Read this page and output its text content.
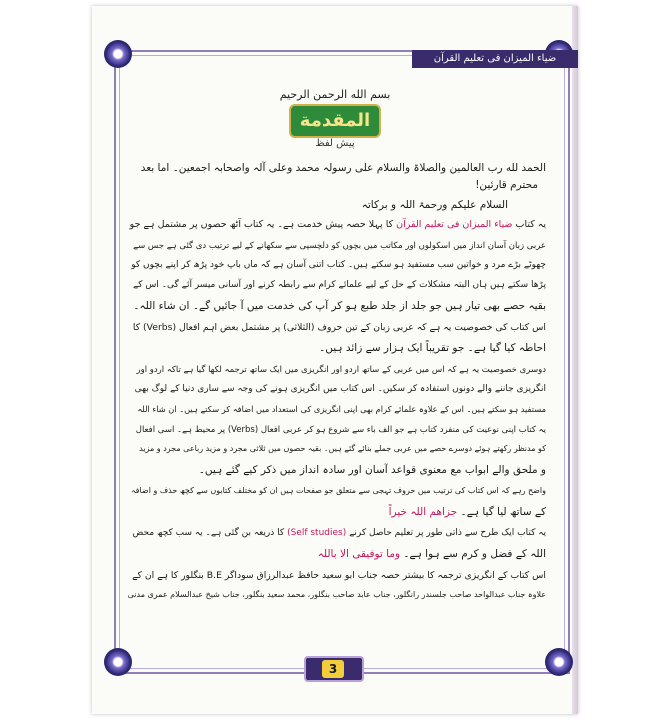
ضیاء المیزان فی تعلیم القرآن
بسم الله الرحمن الرحيم
المقدمة
پیش لفظ
الحمد لله رب العالمین والصلاۃ والسلام علی رسولہ محمد وعلی آلہ واصحابہ اجمعین۔ اما بعد
محترم قارئین!
السلام علیکم ورحمۃ اللہ و برکاتہ
یہ کتاب ضیاء المیزان فی تعلیم القرآن کا پہلا حصہ پیش خدمت ہے۔ یہ کتاب آٹھ حصوں پر مشتمل ہے جو
عربی زبان آسان انداز میں اسکولوں اور مکاتب میں بچوں کو دلچسپی سے سکھانے کے لیے ترتیب دی گئی ہے جس سے
چھوٹے بڑے مرد و خواتین سب مستفید ہو سکتے ہیں۔ کتاب اتنی آسان ہے کہ ماں باپ خود پڑھ کر اپنے بچوں کو
پڑھا سکتے ہیں ہاں البتہ مشکلات کے حل کے لیے علمائے کرام سے رابطہ کرنے اور آسانی میسر آئے گی۔ اس کے
بقیہ حصے بھی تیار ہیں جو جلد از جلد طبع ہو کر آپ کی خدمت میں آ جائیں گے۔ ان شاء اللہ۔
اس کتاب کی خصوصیت یہ ہے کہ عربی زبان کے تین حروف (الثلاثی) پر مشتمل بعض اہم افعال (Verbs) کا
احاطہ کیا گیا ہے۔ جو تقریباً ایک ہزار سے زائد ہیں۔
دوسری خصوصیت یہ ہے کہ اس میں عربی کے ساتھ اردو اور انگریزی میں ایک ساتھ ترجمہ لکھا گیا ہے تاکہ اردو اور
انگریزی جاننے والے دونوں استفادہ کر سکیں۔ اس کتاب میں انگریزی ہونے کی وجہ سے ساری دنیا کے لوگ بھی
مستفید ہو سکتے ہیں۔ اس کے علاوہ علمائے کرام بھی اپنی انگریزی کی استعداد میں اضافہ کر سکتے ہیں۔ ان شاء اللہ
یہ کتاب اپنی نوعیت کی منفرد کتاب ہے جو الف باء سے شروع ہو کر عربی افعال (Verbs) پر محیط ہے۔ اسی افعال
کو مدنظر رکھتے ہوئے دوسرے حصے میں عربی جملے بنائے گئے ہیں۔ بقیہ حصوں میں ثلاثی مجرد و مزید رباعی مجرد و مزید
و ملحق والے ابواب مع معنوی قواعد آسان اور سادہ انداز میں ذکر کیے گئے ہیں۔
واضح رہے کہ اس کتاب کی ترتیب میں حروف تہجی سے متعلق جو صفحات ہیں ان کو مختلف کتابوں سے کچھ حذف و اضافہ
کے ساتھ لیا گیا ہے۔ جزاھم اللہ خیراً
یہ کتاب ایک طرح سے ذاتی طور پر تعلیم حاصل کرنے (Self studies) کا ذریعہ بن گئی ہے۔ یہ سب کچھ محض
اللہ کے فضل و کرم سے ہوا ہے۔ وما توفیقی الا باللہ
اس کتاب کے انگریزی ترجمہ کا بیشتر حصہ جناب ابو سعید حافظ عبدالرزاق سوداگر B.E بنگلور کا ہے ان کے
علاوہ جناب عبدالواحد صاحب جلسندر رانگلور، جناب عابد صاحب بنگلور، محمد سعید بنگلور، جناب شیخ عبدالسلام عمری مدنی
3
